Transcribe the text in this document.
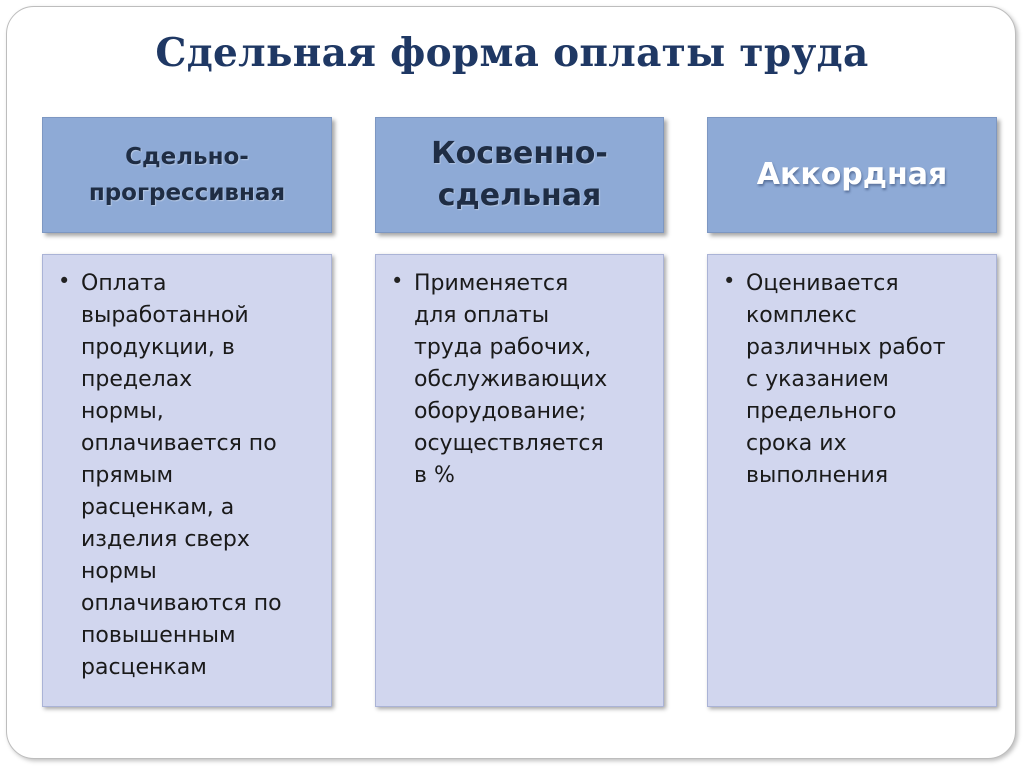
Сдельная форма оплаты труда
Сдельно-
прогрессивная
Косвенно-
сдельная
Аккордная
• Оплата
выработанной
продукции, в
пределах
нормы,
оплачивается по
прямым
расценкам, а
изделия сверх
нормы
оплачиваются по
повышенным
расценкам
• Применяется
для оплаты
труда рабочих,
обслуживающих
оборудование;
осуществляется
в %
• Оценивается
комплекс
различных работ
с указанием
предельного
срока их
выполнения
